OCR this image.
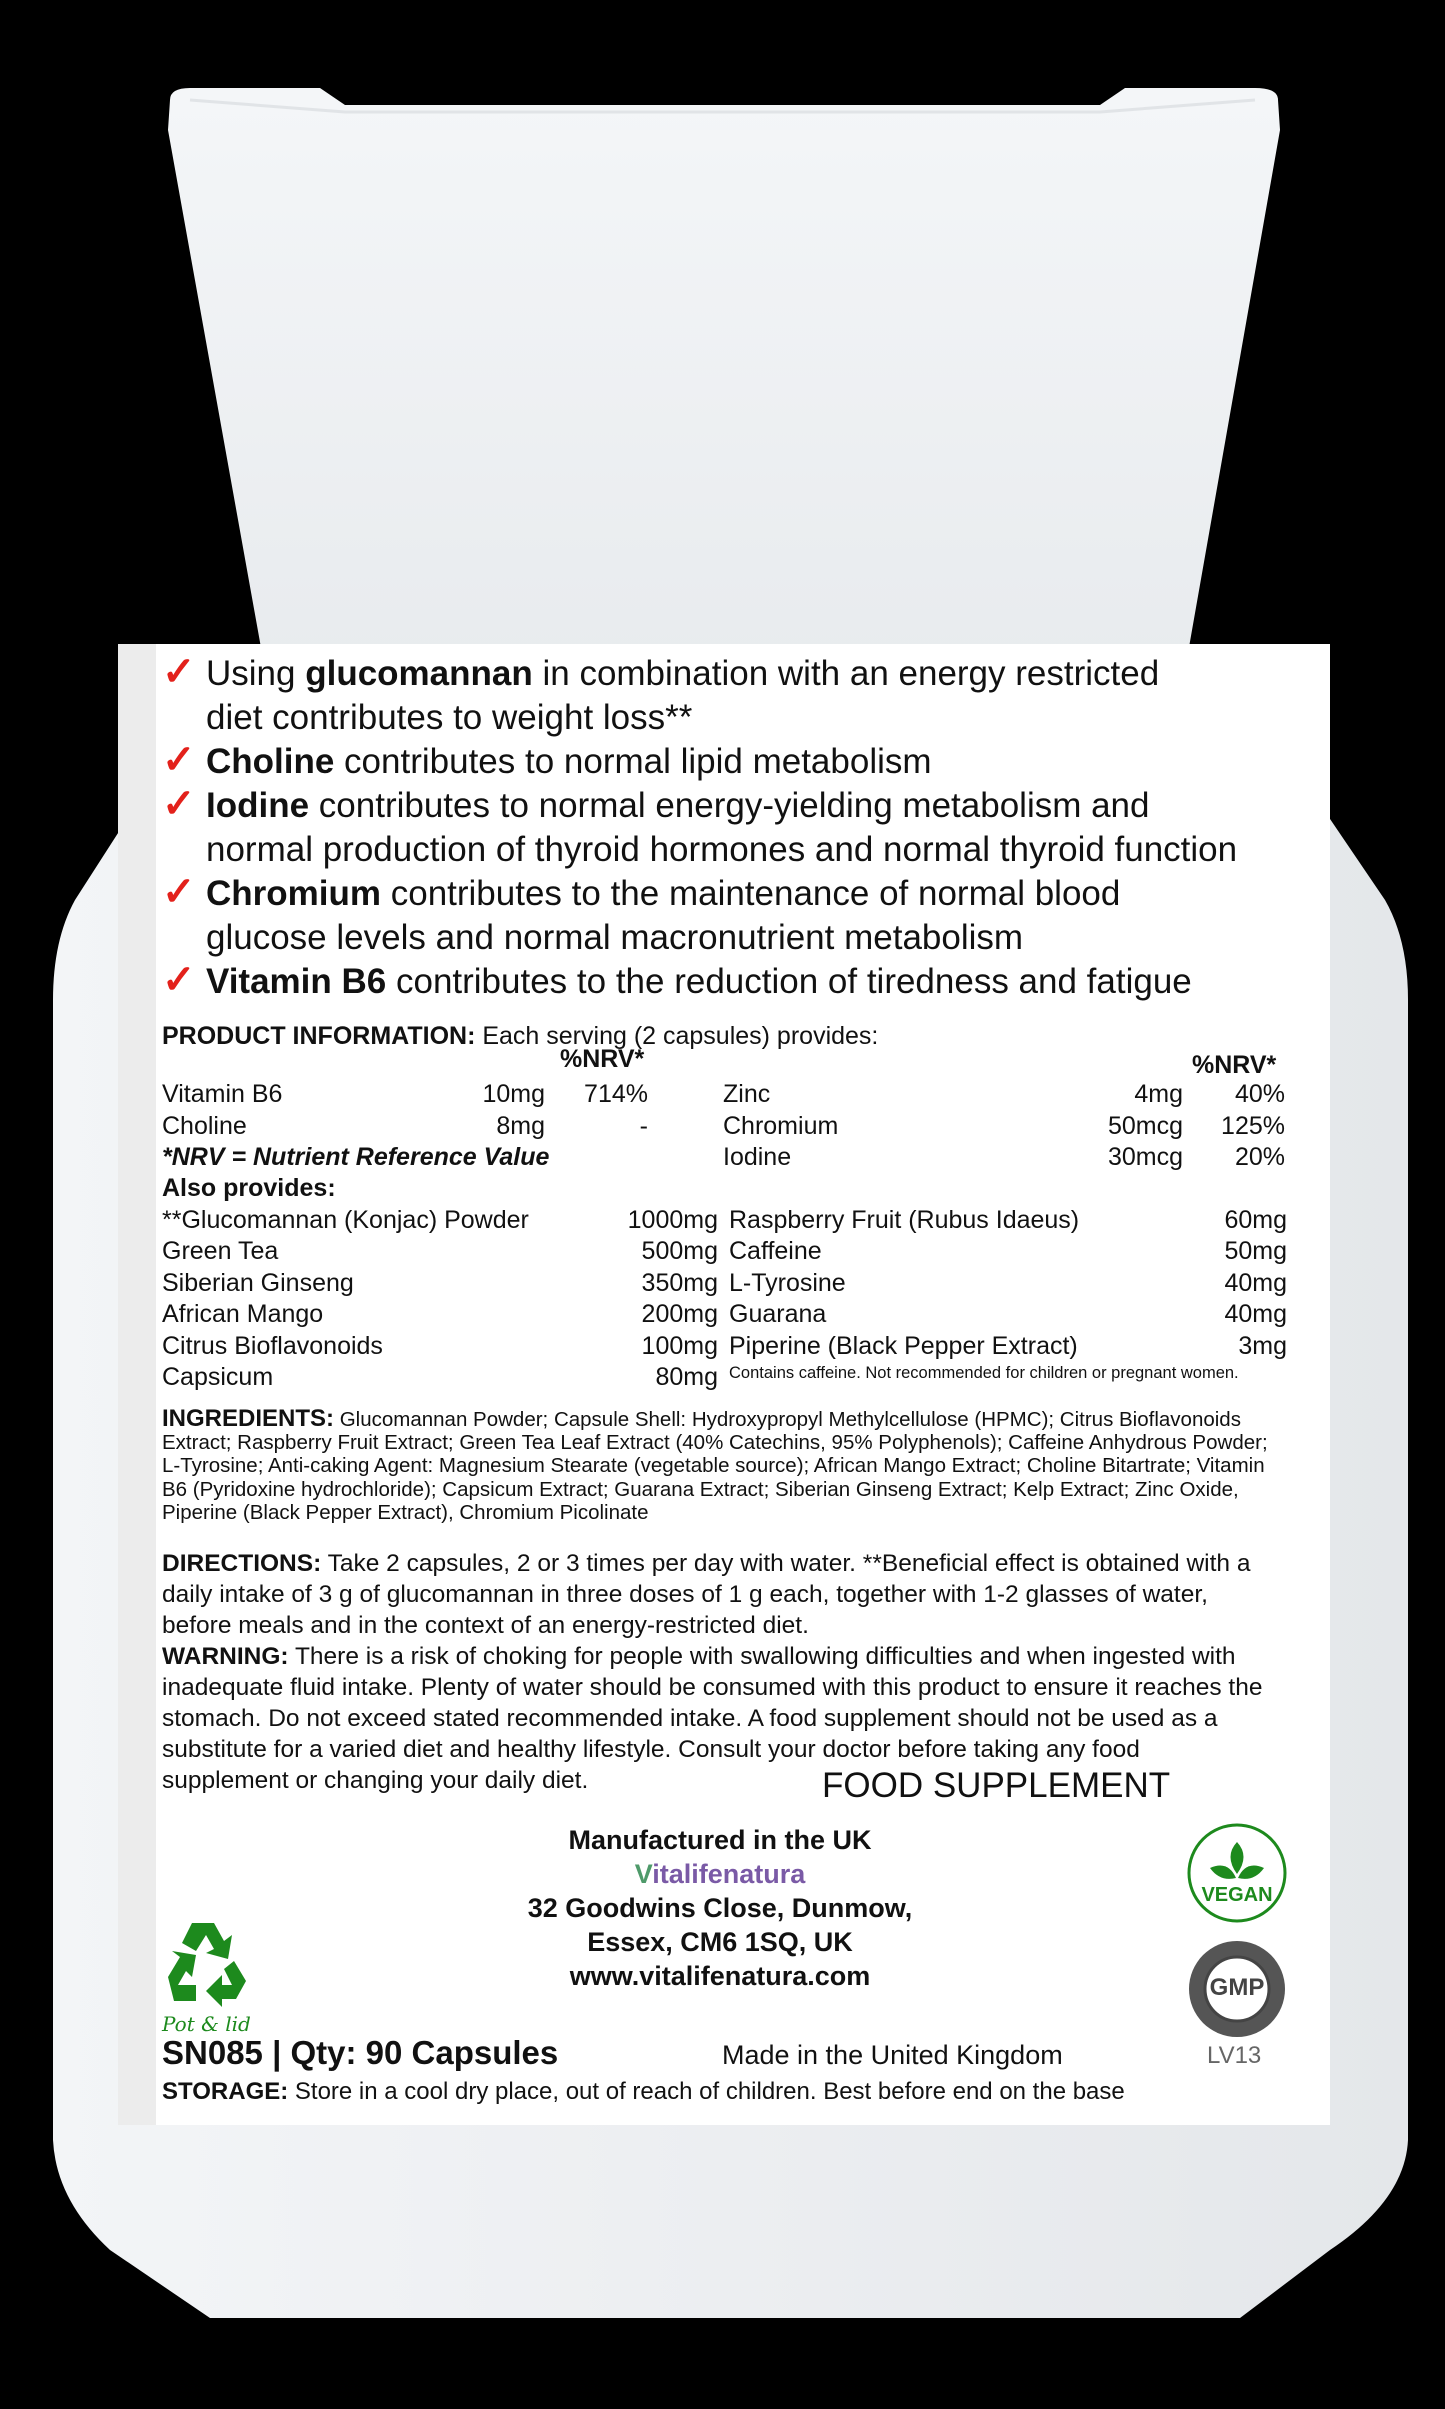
✓ Using glucomannan in combination with an energy restricted
diet contributes to weight loss**
✓ Choline contributes to normal lipid metabolism
✓ Iodine contributes to normal energy-yielding metabolism and
normal production of thyroid hormones and normal thyroid function
✓ Chromium contributes to the maintenance of normal blood
glucose levels and normal macronutrient metabolism
✓ Vitamin B6 contributes to the reduction of tiredness and fatigue
PRODUCT INFORMATION: Each serving (2 capsules) provides:
%NRV*	%NRV*
Vitamin B6	10mg	714%
Choline	8mg	-
*NRV = Nutrient Reference Value
Zinc	4mg	40%
Chromium	50mcg	125%
Iodine	30mcg	20%
Also provides:
**Glucomannan (Konjac) Powder	1000mg
Green Tea	500mg
Siberian Ginseng	350mg
African Mango	200mg
Citrus Bioflavonoids	100mg
Capsicum	80mg
Raspberry Fruit (Rubus Idaeus)	60mg
Caffeine	50mg
L-Tyrosine	40mg
Guarana	40mg
Piperine (Black Pepper Extract)	3mg
Contains caffeine. Not recommended for children or pregnant women.
INGREDIENTS: Glucomannan Powder; Capsule Shell: Hydroxypropyl Methylcellulose (HPMC); Citrus Bioflavonoids Extract; Raspberry Fruit Extract; Green Tea Leaf Extract (40% Catechins, 95% Polyphenols); Caffeine Anhydrous Powder; L-Tyrosine; Anti-caking Agent: Magnesium Stearate (vegetable source); African Mango Extract; Choline Bitartrate; Vitamin B6 (Pyridoxine hydrochloride); Capsicum Extract; Guarana Extract; Siberian Ginseng Extract; Kelp Extract; Zinc Oxide, Piperine (Black Pepper Extract), Chromium Picolinate
DIRECTIONS: Take 2 capsules, 2 or 3 times per day with water. **Beneficial effect is obtained with a daily intake of 3 g of glucomannan in three doses of 1 g each, together with 1-2 glasses of water, before meals and in the context of an energy-restricted diet.
WARNING: There is a risk of choking for people with swallowing difficulties and when ingested with inadequate fluid intake. Plenty of water should be consumed with this product to ensure it reaches the stomach. Do not exceed stated recommended intake. A food supplement should not be used as a substitute for a varied diet and healthy lifestyle. Consult your doctor before taking any food supplement or changing your daily diet.	FOOD SUPPLEMENT
Manufactured in the UK
Vitalifenatura
32 Goodwins Close, Dunmow,
Essex, CM6 1SQ, UK
www.vitalifenatura.com
Pot & lid
VEGAN
GMP
SN085 | Qty: 90 Capsules	Made in the United Kingdom	LV13
STORAGE: Store in a cool dry place, out of reach of children. Best before end on the base
